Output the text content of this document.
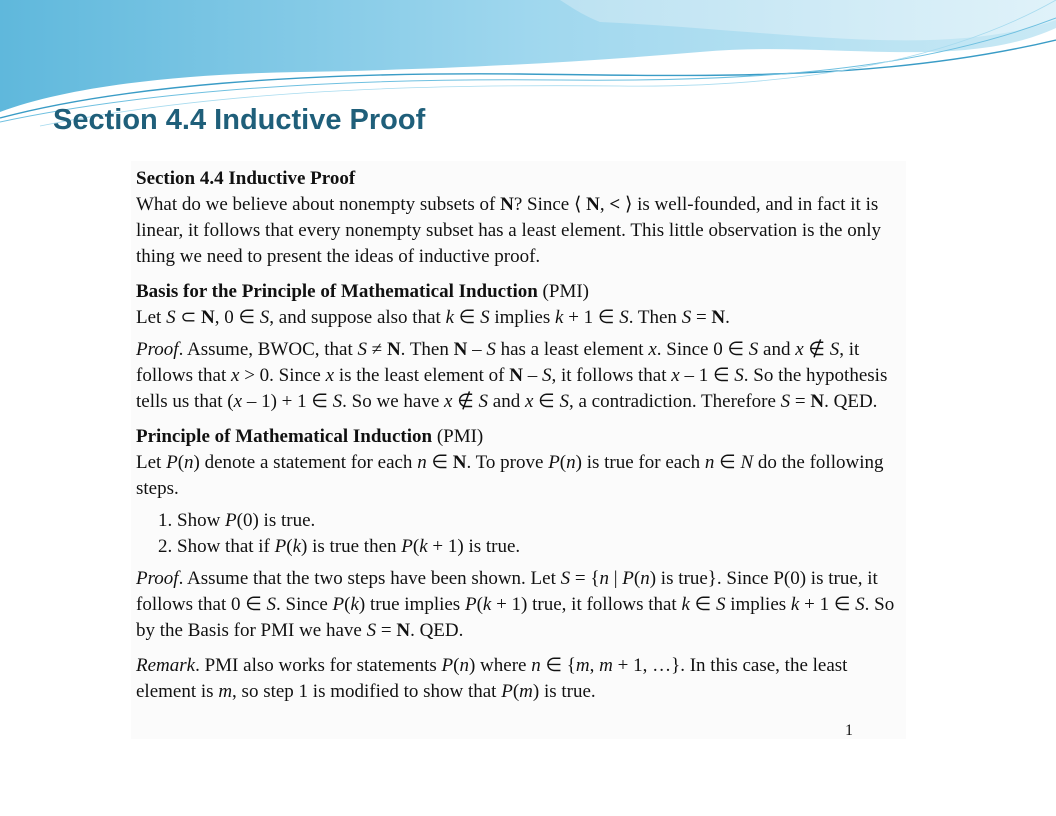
Section 4.4 Inductive Proof

Section 4.4 Inductive Proof

What do we believe about nonempty subsets of N? Since ⟨ N, < ⟩ is well-founded, and in fact it is linear, it follows that every nonempty subset has a least element. This little observation is the only thing we need to present the ideas of inductive proof.

Basis for the Principle of Mathematical Induction (PMI)

Let S ⊂ N, 0 ∈ S, and suppose also that k ∈ S implies k + 1 ∈ S. Then S = N.

Proof. Assume, BWOC, that S ≠ N. Then N – S has a least element x. Since 0 ∈ S and x ∉ S, it follows that x > 0. Since x is the least element of N – S, it follows that x – 1 ∈ S. So the hypothesis tells us that (x – 1) + 1 ∈ S. So we have x ∉ S and x ∈ S, a contradiction. Therefore S = N. QED.

Principle of Mathematical Induction (PMI)

Let P(n) denote a statement for each n ∈ N. To prove P(n) is true for each n ∈ N do the following steps.

1. Show P(0) is true.
2. Show that if P(k) is true then P(k + 1) is true.

Proof. Assume that the two steps have been shown. Let S = {n | P(n) is true}. Since P(0) is true, it follows that 0 ∈ S. Since P(k) true implies P(k + 1) true, it follows that k ∈ S implies k + 1 ∈ S. So by the Basis for PMI we have S = N. QED.

Remark. PMI also works for statements P(n) where n ∈ {m, m + 1, …}. In this case, the least element is m, so step 1 is modified to show that P(m) is true.

1
